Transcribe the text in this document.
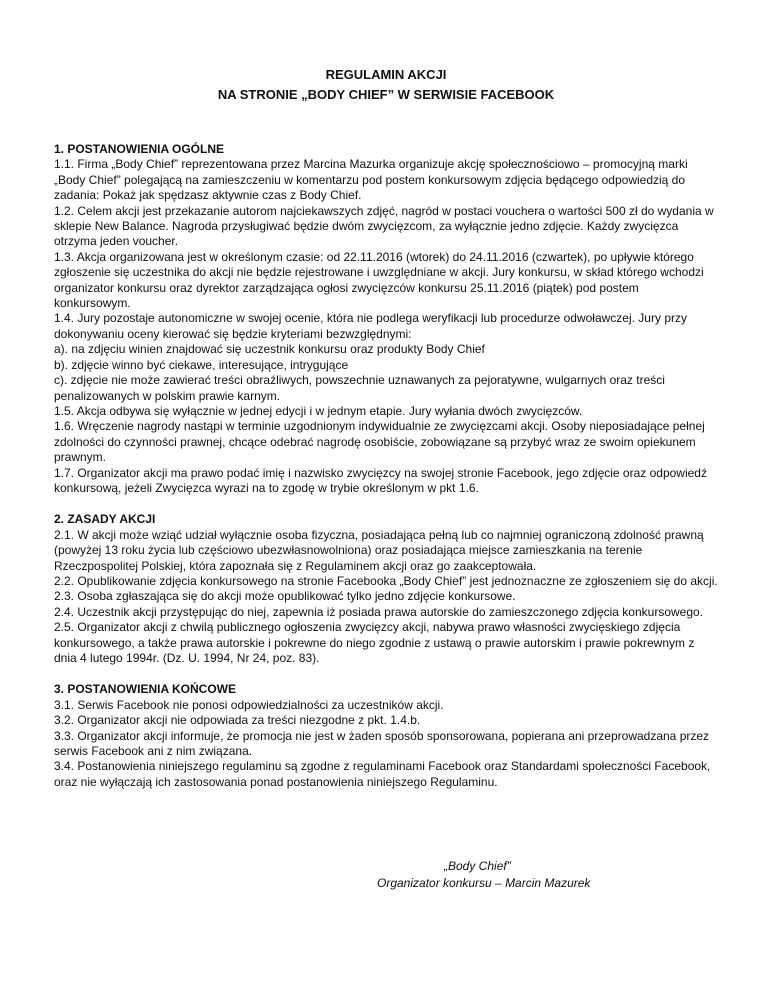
REGULAMIN AKCJI
NA STRONIE „BODY CHIEF” W SERWISIE FACEBOOK
1. POSTANOWIENIA OGÓLNE
1.1. Firma „Body Chief” reprezentowana przez Marcina Mazurka organizuje akcję społecznościowo – promocyjną marki „Body Chief” polegającą na zamieszczeniu w komentarzu pod postem konkursowym zdjęcia będącego odpowiedzią do zadania: Pokaż jak spędzasz aktywnie czas z Body Chief.
1.2. Celem akcji jest przekazanie autorom najciekawszych zdjęć, nagród w postaci vouchera o wartości 500 zł do wydania w sklepie New Balance. Nagroda przysługiwać będzie dwóm zwycięzcom, za wyłącznie jedno zdjęcie. Każdy zwycięzca otrzyma jeden voucher.
1.3. Akcja organizowana jest w określonym czasie: od 22.11.2016 (wtorek) do 24.11.2016 (czwartek), po upływie którego zgłoszenie się uczestnika do akcji nie będzie rejestrowane i uwzględniane w akcji. Jury konkursu, w skład którego wchodzi organizator konkursu oraz dyrektor zarządzająca ogłosi zwycięzców konkursu 25.11.2016 (piątek) pod postem konkursowym.
1.4. Jury pozostaje autonomiczne w swojej ocenie, która nie podlega weryfikacji lub procedurze odwoławczej. Jury przy dokonywaniu oceny kierować się będzie kryteriami bezwzględnymi:
a). na zdjęciu winien znajdować się uczestnik konkursu oraz produkty Body Chief
b). zdjęcie winno być ciekawe, interesujące, intrygujące
c). zdjęcie nie może zawierać treści obraźliwych, powszechnie uznawanych za pejoratywne, wulgarnych oraz treści penalizowanych w polskim prawie karnym.
1.5. Akcja odbywa się wyłącznie w jednej edycji i w jednym etapie. Jury wyłania dwóch zwycięzców.
1.6. Wręczenie nagrody nastąpi w terminie uzgodnionym indywidualnie ze zwycięzcami akcji. Osoby nieposiadające pełnej zdolności do czynności prawnej, chcące odebrać nagrodę osobiście, zobowiązane są przybyć wraz ze swoim opiekunem prawnym.
1.7. Organizator akcji ma prawo podać imię i nazwisko zwycięzcy na swojej stronie Facebook, jego zdjęcie oraz odpowiedź konkursową, jeżeli Zwycięzca wyrazi na to zgodę w trybie określonym w pkt 1.6.
2. ZASADY AKCJI
2.1. W akcji może wziąć udział wyłącznie osoba fizyczna, posiadająca pełną lub co najmniej ograniczoną zdolność prawną (powyżej 13 roku życia lub częściowo ubezwłasnowolniona) oraz posiadająca miejsce zamieszkania na terenie Rzeczpospolitej Polskiej, która zapoznała się z Regulaminem akcji oraz go zaakceptowała.
2.2. Opublikowanie zdjęcia konkursowego na stronie Facebooka „Body Chief” jest jednoznaczne ze zgłoszeniem się do akcji.
2.3. Osoba zgłaszająca się do akcji może opublikować tylko jedno zdjęcie konkursowe.
2.4. Uczestnik akcji przystępując do niej, zapewnia iż posiada prawa autorskie do zamieszczonego zdjęcia konkursowego.
2.5. Organizator akcji z chwilą publicznego ogłoszenia zwycięzcy akcji, nabywa prawo własności zwycięskiego zdjęcia konkursowego, a także prawa autorskie i pokrewne do niego zgodnie z ustawą o prawie autorskim i prawie pokrewnym z dnia 4 lutego 1994r. (Dz. U. 1994, Nr 24, poz. 83).
3. POSTANOWIENIA KOŃCOWE
3.1. Serwis Facebook nie ponosi odpowiedzialności za uczestników akcji.
3.2. Organizator akcji nie odpowiada za treści niezgodne z pkt. 1.4.b.
3.3. Organizator akcji informuje, że promocja nie jest w żaden sposób sponsorowana, popierana ani przeprowadzana przez serwis Facebook ani z nim związana.
3.4. Postanowienia niniejszego regulaminu są zgodne z regulaminami Facebook oraz Standardami społeczności Facebook, oraz nie wyłączają ich zastosowania ponad postanowienia niniejszego Regulaminu.
„Body Chief”
Organizator konkursu – Marcin Mazurek
